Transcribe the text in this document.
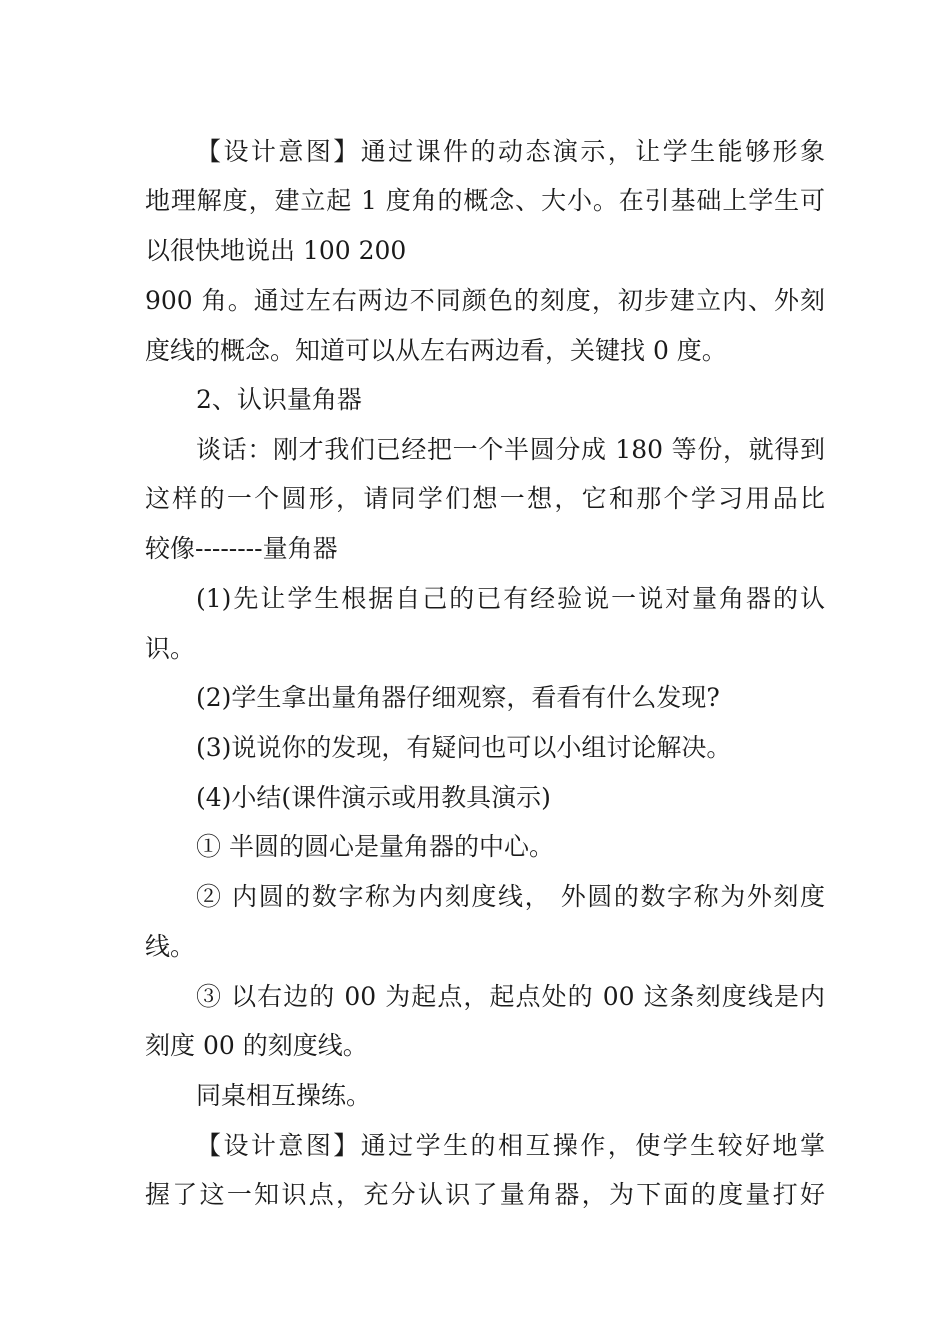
【设计意图】通过课件的动态演示，让学生能够形象
地理解度，建立起 1 度角的概念、大小。在引基础上学生可
以很快地说出 100 200
900 角。通过左右两边不同颜色的刻度，初步建立内、外刻
度线的概念。知道可以从左右两边看，关键找 0 度。
2、认识量角器
谈话：刚才我们已经把一个半圆分成 180 等份，就得到
这样的一个圆形，请同学们想一想，它和那个学习用品比
较像--------量角器
(1)先让学生根据自己的已有经验说一说对量角器的认
识。
(2)学生拿出量角器仔细观察，看看有什么发现?
(3)说说你的发现，有疑问也可以小组讨论解决。
(4)小结(课件演示或用教具演示)
① 半圆的圆心是量角器的中心。
② 内圆的数字称为内刻度线， 外圆的数字称为外刻度
线。
③ 以右边的 00 为起点，起点处的 00 这条刻度线是内
刻度 00 的刻度线。
同桌相互操练。
【设计意图】通过学生的相互操作，使学生较好地掌
握了这一知识点，充分认识了量角器，为下面的度量打好
